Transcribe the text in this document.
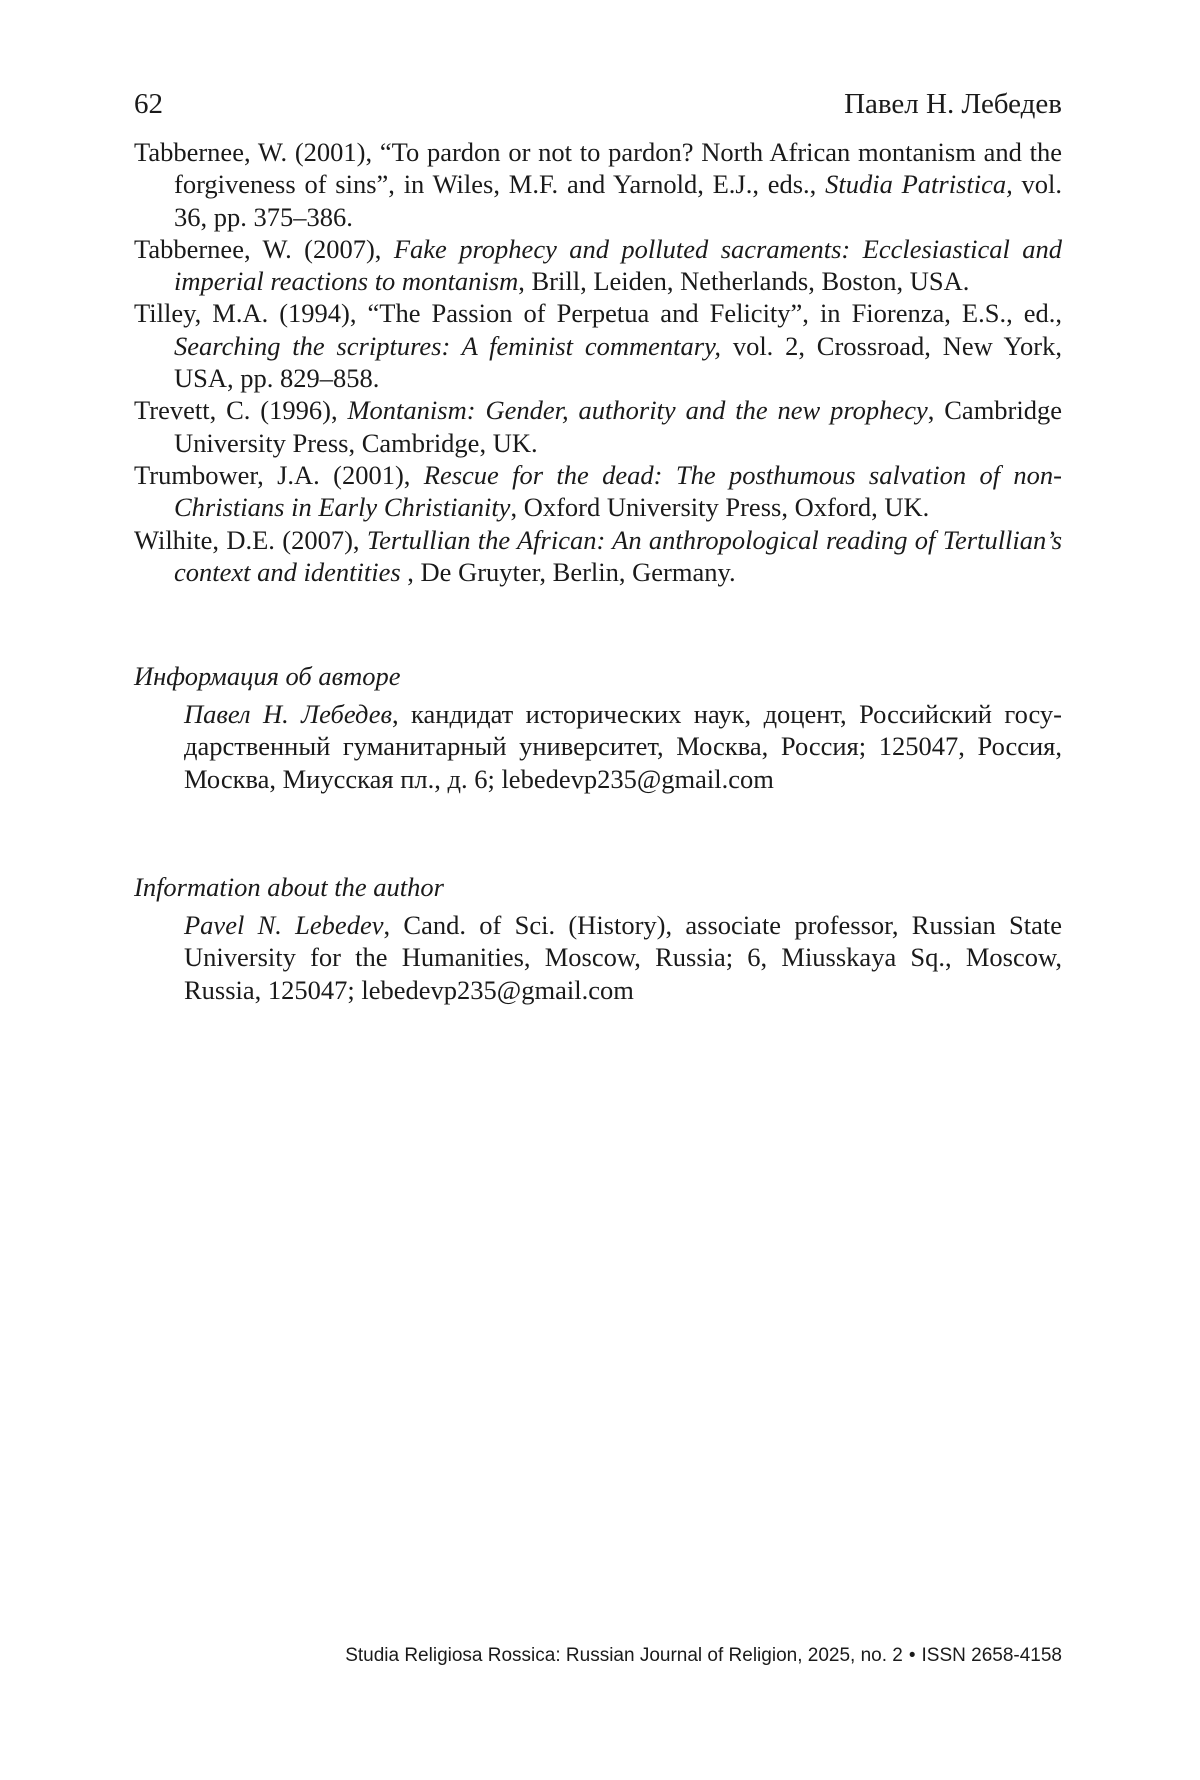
62	Павел Н. Лебедев

Tabbernee, W. (2001), “To pardon or not to pardon? North African montanism and the forgiveness of sins”, in Wiles, M.F. and Yarnold, E.J., eds., Studia Patristica, vol. 36, pp. 375–386.

Tabbernee, W. (2007), Fake prophecy and polluted sacraments: Ecclesiastical and imperial reactions to montanism, Brill, Leiden, Netherlands, Boston, USA.

Tilley, M.A. (1994), “The Passion of Perpetua and Felicity”, in Fiorenza, E.S., ed., Searching the scriptures: A feminist commentary, vol. 2, Crossroad, New York, USA, pp. 829–858.

Trevett, C. (1996), Montanism: Gender, authority and the new prophecy, Cambridge University Press, Cambridge, UK.

Trumbower, J.A. (2001), Rescue for the dead: The posthumous salvation of non-Christians in Early Christianity, Oxford University Press, Oxford, UK.

Wilhite, D.E. (2007), Tertullian the African: An anthropological reading of Tertullian’s context and identities , De Gruyter, Berlin, Germany.

Информация об авторе

Павел Н. Лебедев, кандидат исторических наук, доцент, Российский государственный гуманитарный университет, Москва, Россия; 125047, Россия, Москва, Миусская пл., д. 6; lebedevp235@gmail.com

Information about the author

Pavel N. Lebedev, Cand. of Sci. (History), associate professor, Russian State University for the Humanities, Moscow, Russia; 6, Miusskaya Sq., Moscow, Russia, 125047; lebedevp235@gmail.com

Studia Religiosa Rossica: Russian Journal of Religion, 2025, no. 2 • ISSN 2658-4158
